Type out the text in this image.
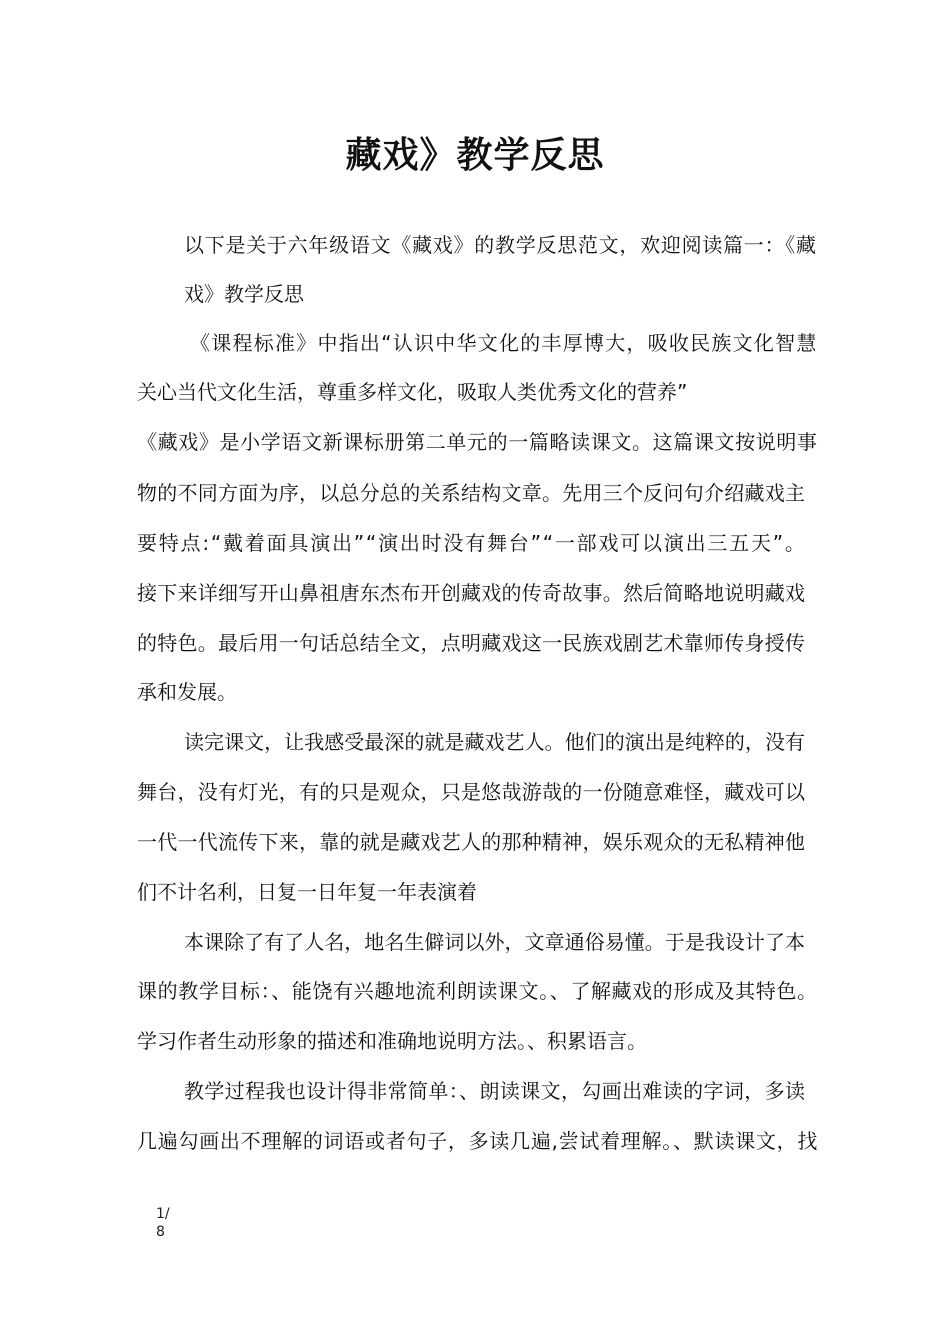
藏戏》教学反思
以下是关于六年级语文《藏戏》的教学反思范文，欢迎阅读篇一：《藏
戏》教学反思
《课程标准》中指出“认识中华文化的丰厚博大，吸收民族文化智慧
关心当代文化生活，尊重多样文化，吸取人类优秀文化的营养”
《藏戏》是小学语文新课标册第二单元的一篇略读课文。这篇课文按说明事
物的不同方面为序，以总分总的关系结构文章。先用三个反问句介绍藏戏主
要特点:“戴着面具演出”“演出时没有舞台”“一部戏可以演出三五天”。
接下来详细写开山鼻祖唐东杰布开创藏戏的传奇故事。然后简略地说明藏戏
的特色。最后用一句话总结全文，点明藏戏这一民族戏剧艺术靠师传身授传
承和发展。
读完课文，让我感受最深的就是藏戏艺人。他们的演出是纯粹的，没有
舞台，没有灯光，有的只是观众，只是悠哉游哉的一份随意难怪，藏戏可以
一代一代流传下来，靠的就是藏戏艺人的那种精神，娱乐观众的无私精神他
们不计名利，日复一日年复一年表演着
本课除了有了人名，地名生僻词以外，文章通俗易懂。于是我设计了本
课的教学目标：、能饶有兴趣地流利朗读课文。、了解藏戏的形成及其特色。
学习作者生动形象的描述和准确地说明方法。、积累语言。
教学过程我也设计得非常简单：、朗读课文，勾画出难读的字词，多读
几遍勾画出不理解的词语或者句子，多读几遍,尝试着理解。、默读课文，找
1/
8
